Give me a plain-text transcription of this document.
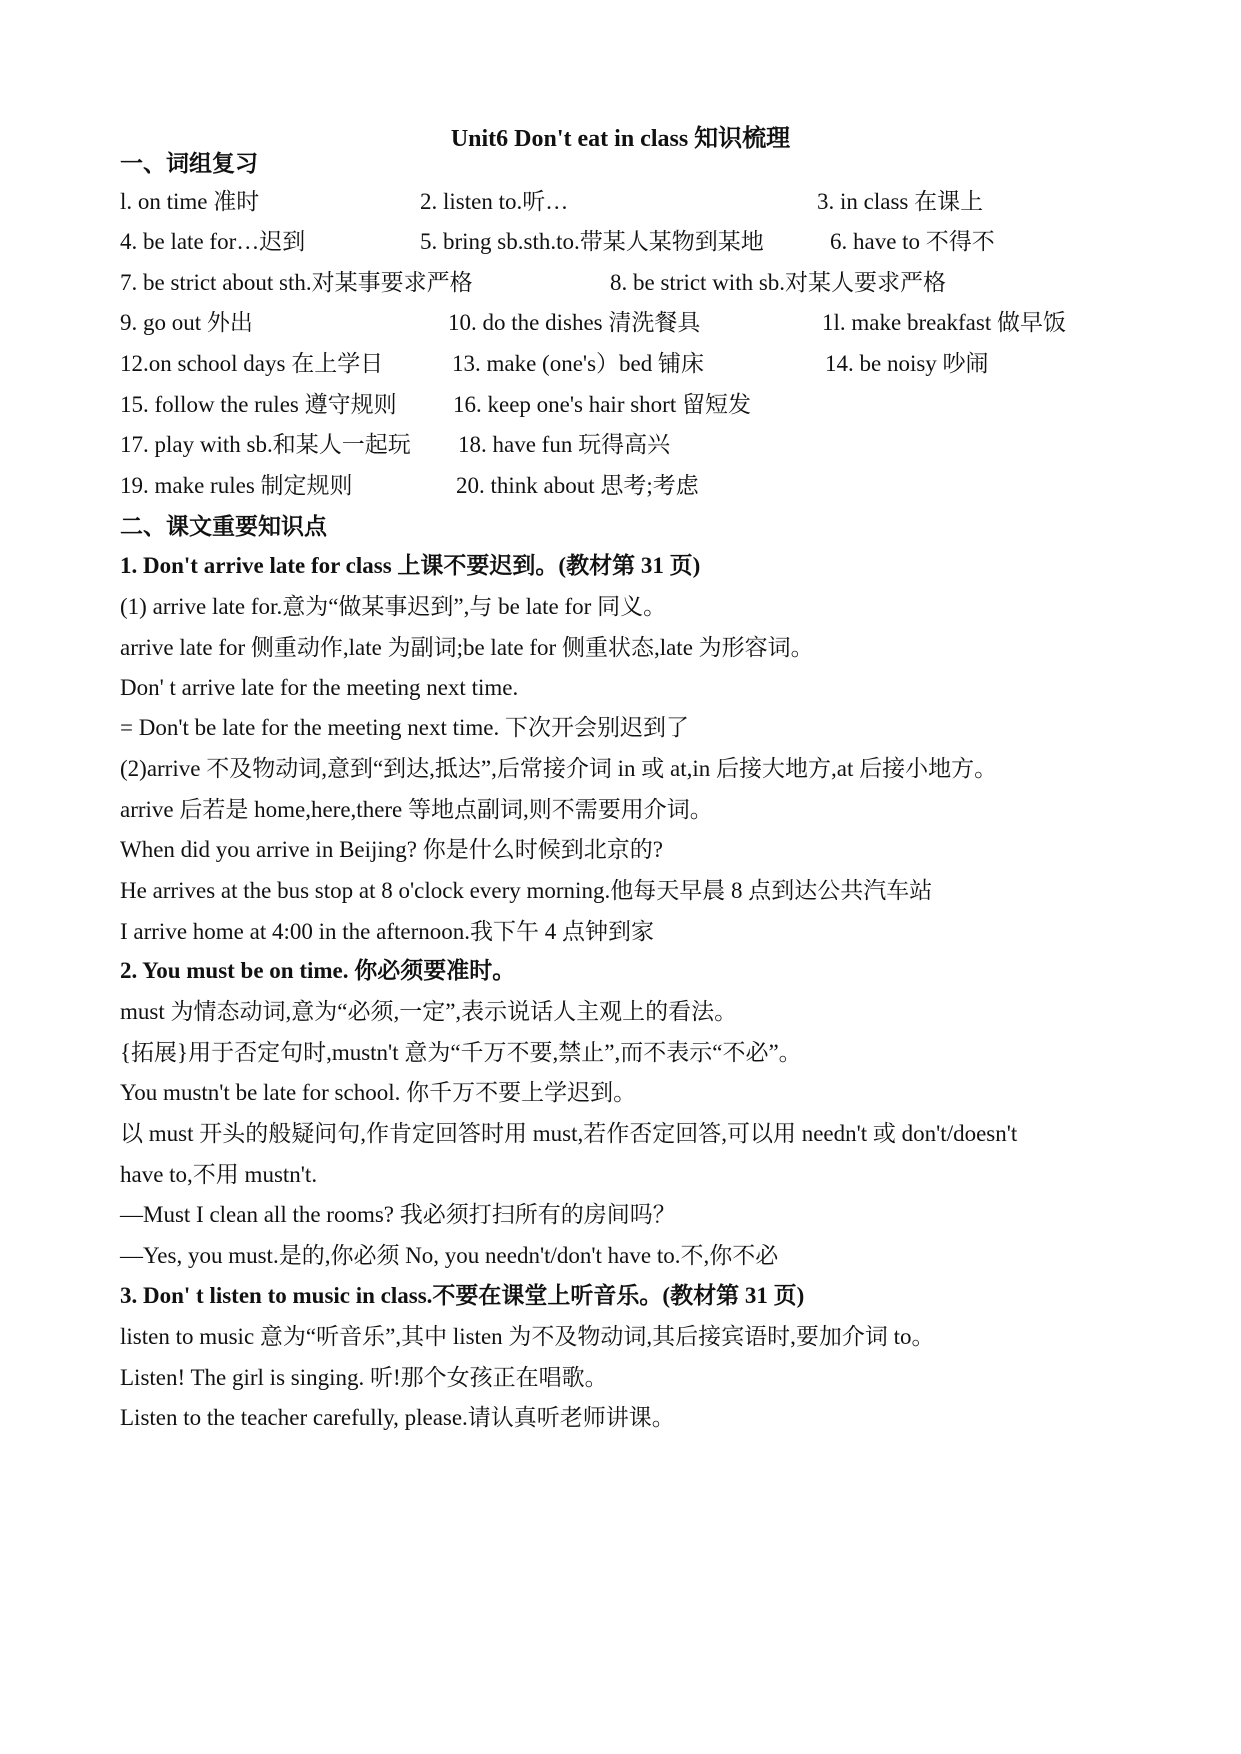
Unit6 Don't eat in class 知识梳理
一、词组复习
l. on time 准时	2. listen to.听…	3. in class 在课上
4. be late for…迟到	5. bring sb.sth.to.带某人某物到某地	6. have to 不得不
7. be strict about sth.对某事要求严格	8. be strict with sb.对某人要求严格
9. go out 外出	10. do the dishes 清洗餐具	1l. make breakfast 做早饭
12.on school days 在上学日	13. make (one's）bed 铺床	14. be noisy 吵闹
15. follow the rules 遵守规则 16. keep one's hair short 留短发
17. play with sb.和某人一起玩 18. have fun 玩得高兴
19. make rules 制定规则	20. think about 思考;考虑
二、课文重要知识点
1. Don't arrive late for class 上课不要迟到。(教材第 31 页)
(1) arrive late for.意为“做某事迟到”,与 be late for 同义。
arrive late for 侧重动作,late 为副词;be late for 侧重状态,late 为形容词。
Don' t arrive late for the meeting next time.
= Don't be late for the meeting next time. 下次开会别迟到了
(2)arrive 不及物动词,意到“到达,抵达”,后常接介词 in 或 at,in 后接大地方,at 后接小地方。
arrive 后若是 home,here,there 等地点副词,则不需要用介词。
When did you arrive in Beijing? 你是什么时候到北京的?
He arrives at the bus stop at 8 o'clock every morning.他每天早晨 8 点到达公共汽车站
I arrive home at 4:00 in the afternoon.我下午 4 点钟到家
2. You must be on time. 你必须要准时。
must 为情态动词,意为“必须,一定”,表示说话人主观上的看法。
{拓展}用于否定句时,mustn't 意为“千万不要,禁止”,而不表示“不必”。
You mustn't be late for school. 你千万不要上学迟到。
以 must 开头的般疑问句,作肯定回答时用 must,若作否定回答,可以用 needn't 或 don't/doesn't
have to,不用 mustn't.
—Must I clean all the rooms? 我必须打扫所有的房间吗？
—Yes, you must.是的,你必须 No, you needn't/don't have to.不,你不必
3. Don' t listen to music in class.不要在课堂上听音乐。(教材第 31 页)
listen to music 意为“听音乐”,其中 listen 为不及物动词,其后接宾语时,要加介词 to。
Listen! The girl is singing. 听!那个女孩正在唱歌。
Listen to the teacher carefully, please.请认真听老师讲课。
